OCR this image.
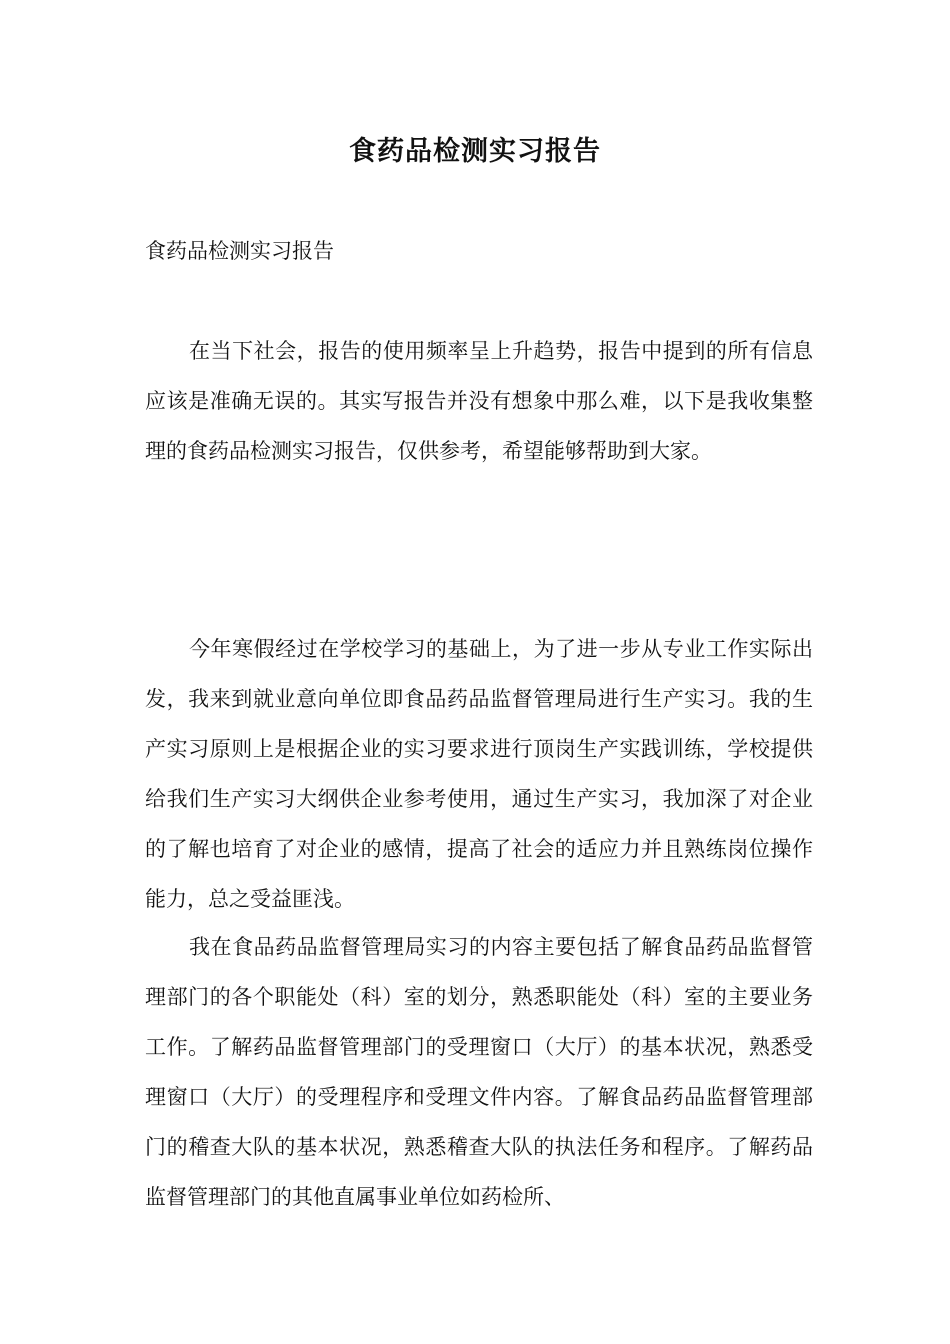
食药品检测实习报告
食药品检测实习报告

在当下社会，报告的使用频率呈上升趋势，报告中提到的所有信息应该是准确无误的。其实写报告并没有想象中那么难，以下是我收集整理的食药品检测实习报告，仅供参考，希望能够帮助到大家。

今年寒假经过在学校学习的基础上，为了进一步从专业工作实际出发，我来到就业意向单位即食品药品监督管理局进行生产实习。我的生产实习原则上是根据企业的实习要求进行顶岗生产实践训练，学校提供给我们生产实习大纲供企业参考使用，通过生产实习，我加深了对企业的了解也培育了对企业的感情，提高了社会的适应力并且熟练岗位操作能力，总之受益匪浅。

我在食品药品监督管理局实习的内容主要包括了解食品药品监督管理部门的各个职能处（科）室的划分，熟悉职能处（科）室的主要业务工作。了解药品监督管理部门的受理窗口（大厅）的基本状况，熟悉受理窗口（大厅）的受理程序和受理文件内容。了解食品药品监督管理部门的稽查大队的基本状况，熟悉稽查大队的执法任务和程序。了解药品监督管理部门的其他直属事业单位如药检所、
